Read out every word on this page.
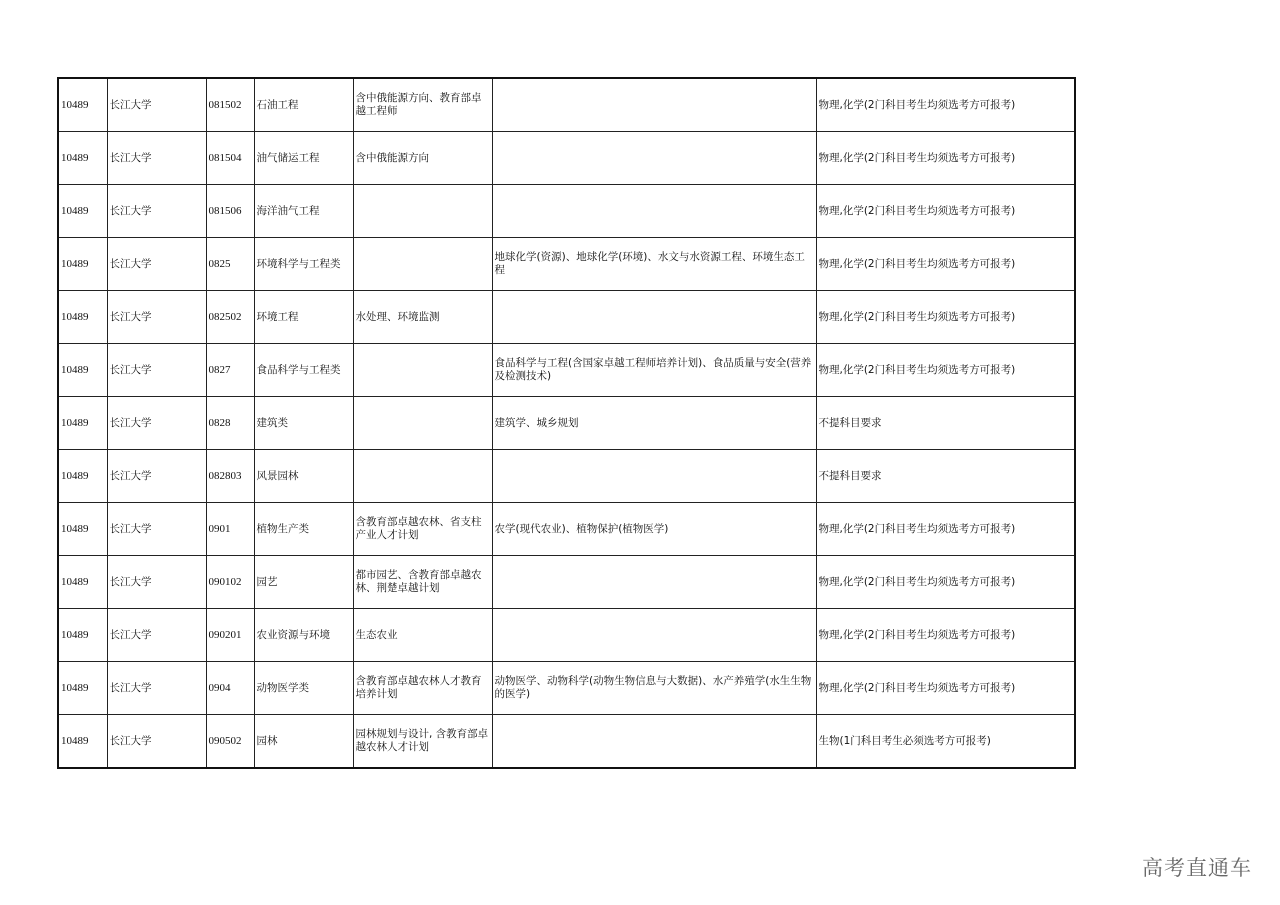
10489	长江大学	081502	石油工程	含中俄能源方向、教育部卓越工程师		物理,化学(2门科目考生均须选考方可报考)
10489	长江大学	081504	油气储运工程	含中俄能源方向		物理,化学(2门科目考生均须选考方可报考)
10489	长江大学	081506	海洋油气工程			物理,化学(2门科目考生均须选考方可报考)
10489	长江大学	0825	环境科学与工程类		地球化学(资源)、地球化学(环境)、水文与水资源工程、环境生态工程	物理,化学(2门科目考生均须选考方可报考)
10489	长江大学	082502	环境工程	水处理、环境监测		物理,化学(2门科目考生均须选考方可报考)
10489	长江大学	0827	食品科学与工程类		食品科学与工程(含国家卓越工程师培养计划)、食品质量与安全(营养及检测技术)	物理,化学(2门科目考生均须选考方可报考)
10489	长江大学	0828	建筑类		建筑学、城乡规划	不提科目要求
10489	长江大学	082803	风景园林			不提科目要求
10489	长江大学	0901	植物生产类	含教育部卓越农林、省支柱产业人才计划	农学(现代农业)、植物保护(植物医学)	物理,化学(2门科目考生均须选考方可报考)
10489	长江大学	090102	园艺	都市园艺、含教育部卓越农林、荆楚卓越计划		物理,化学(2门科目考生均须选考方可报考)
10489	长江大学	090201	农业资源与环境	生态农业		物理,化学(2门科目考生均须选考方可报考)
10489	长江大学	0904	动物医学类	含教育部卓越农林人才教育培养计划	动物医学、动物科学(动物生物信息与大数据)、水产养殖学(水生生物的医学)	物理,化学(2门科目考生均须选考方可报考)
10489	长江大学	090502	园林	园林规划与设计, 含教育部卓越农林人才计划		生物(1门科目考生必须选考方可报考)
高考直通车
